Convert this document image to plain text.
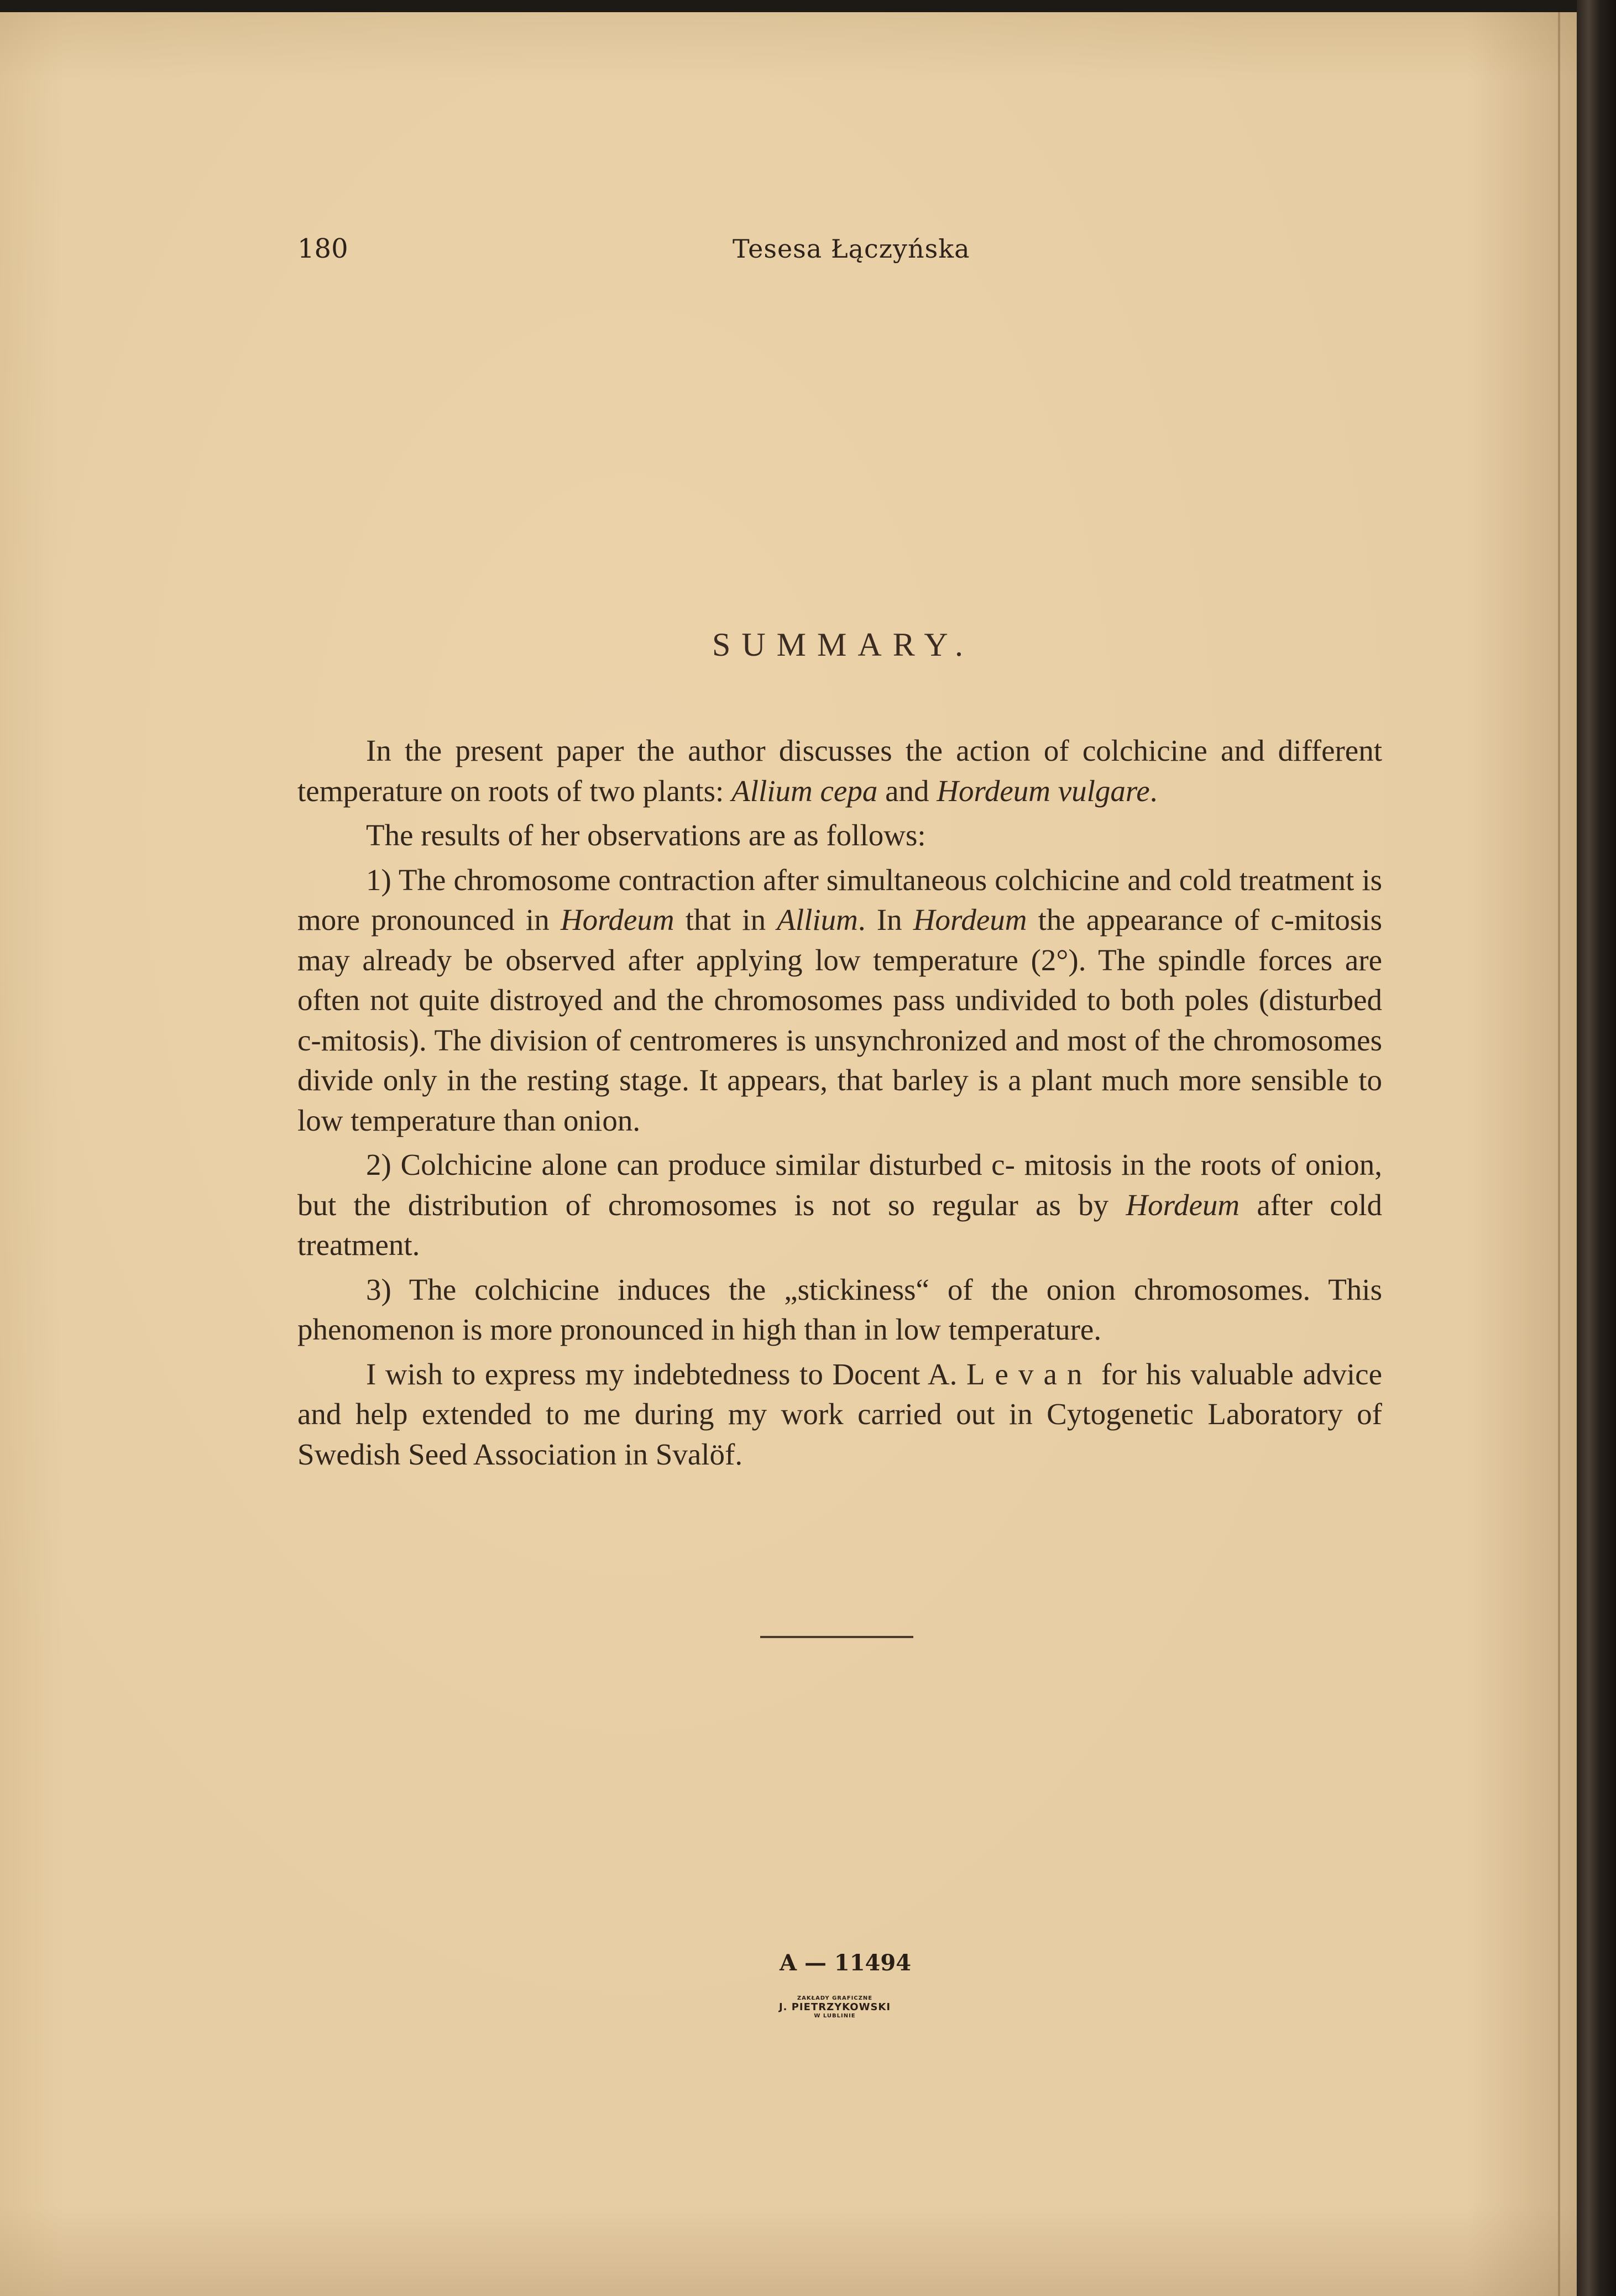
180	Tesesa Łączyńska
SUMMARY.

In the present paper the author discusses the action of colchicine and different temperature on roots of two plants: Allium cepa and Hordeum vulgare.

The results of her observations are as follows:

1) The chromosome contraction after simultaneous colchicine and cold treatment is more pronounced in Hordeum that in Allium. In Hordeum the appearance of c-mitosis may already be observed after applying low temperature (2°). The spindle forces are often not quite distroyed and the chromosomes pass undivided to both poles (disturbed c-mitosis). The division of centromeres is unsynchronized and most of the chromosomes divide only in the resting stage. It appears, that barley is a plant much more sensible to low temperature than onion.

2) Colchicine alone can produce similar disturbed c- mitosis in the roots of onion, but the distribution of chromosomes is not so regular as by Hordeum after cold treatment.

3) The colchicine induces the „stickiness“ of the onion chromosomes. This phenomenon is more pronounced in high than in low temperature.

I wish to express my indebtedness to Docent A. Levan for his valuable advice and help extended to me during my work carried out in Cytogenetic Laboratory of Swedish Seed Association in Svalöf.

A — 11494
ZAKŁADY GRAFICZNE
J. PIETRZYKOWSKI
W LUBLINIE
